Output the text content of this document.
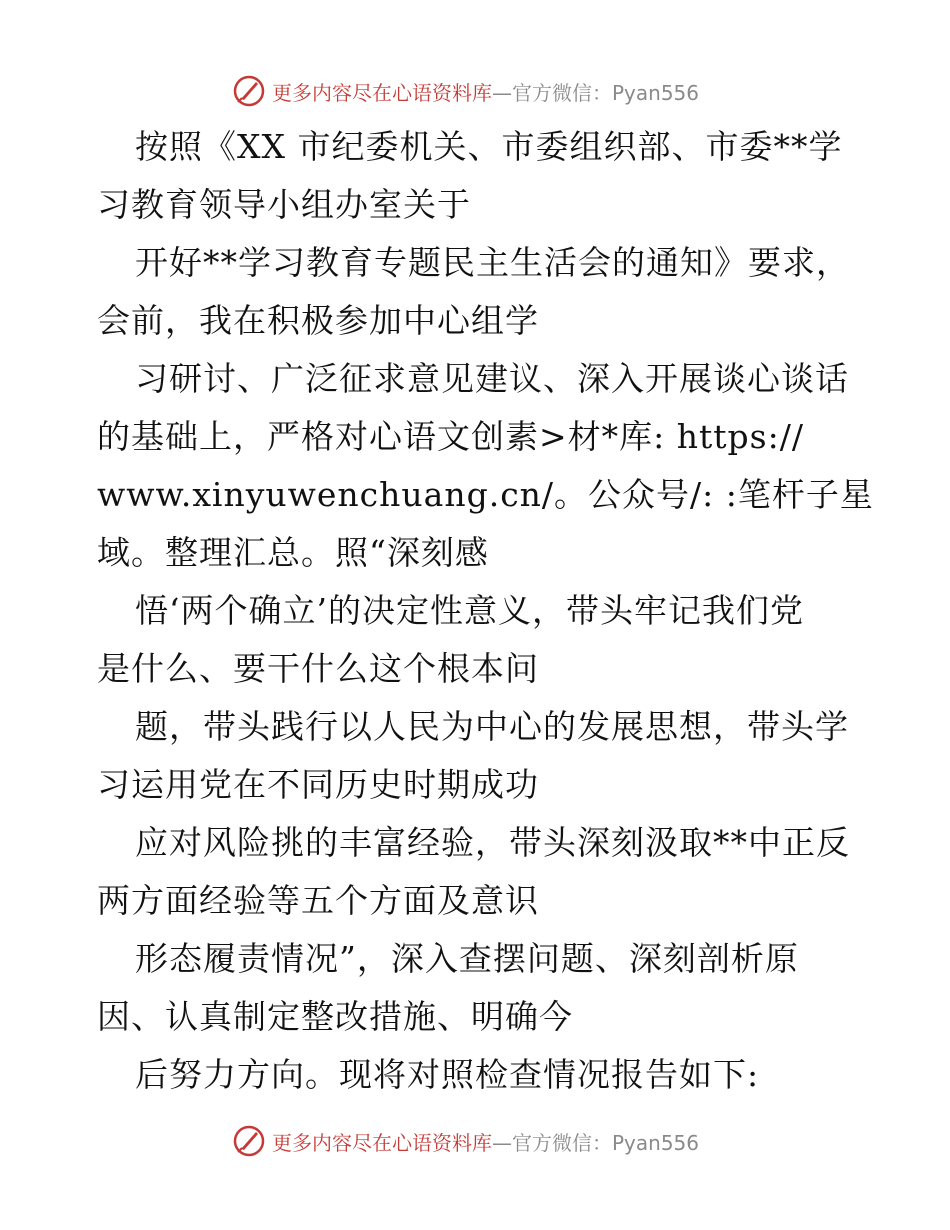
更多内容尽在心语资料库—官方微信：Pyan556
按照《XX 市纪委机关、市委组织部、市委**学
习教育领导小组办室关于
开好**学习教育专题民主生活会的通知》要求，
会前，我在积极参加中心组学
习研讨、广泛征求意见建议、深入开展谈心谈话
的基础上，严格对心语文创素>材*库: https://
www.xinyuwenchuang.cn/。公众号/: :笔杆子星
域。整理汇总。照“深刻感
悟‘两个确立’的决定性意义，带头牢记我们党
是什么、要干什么这个根本问
题，带头践行以人民为中心的发展思想，带头学
习运用党在不同历史时期成功
应对风险挑的丰富经验，带头深刻汲取**中正反
两方面经验等五个方面及意识
形态履责情况”，深入查摆问题、深刻剖析原
因、认真制定整改措施、明确今
后努力方向。现将对照检查情况报告如下:
更多内容尽在心语资料库—官方微信：Pyan556
